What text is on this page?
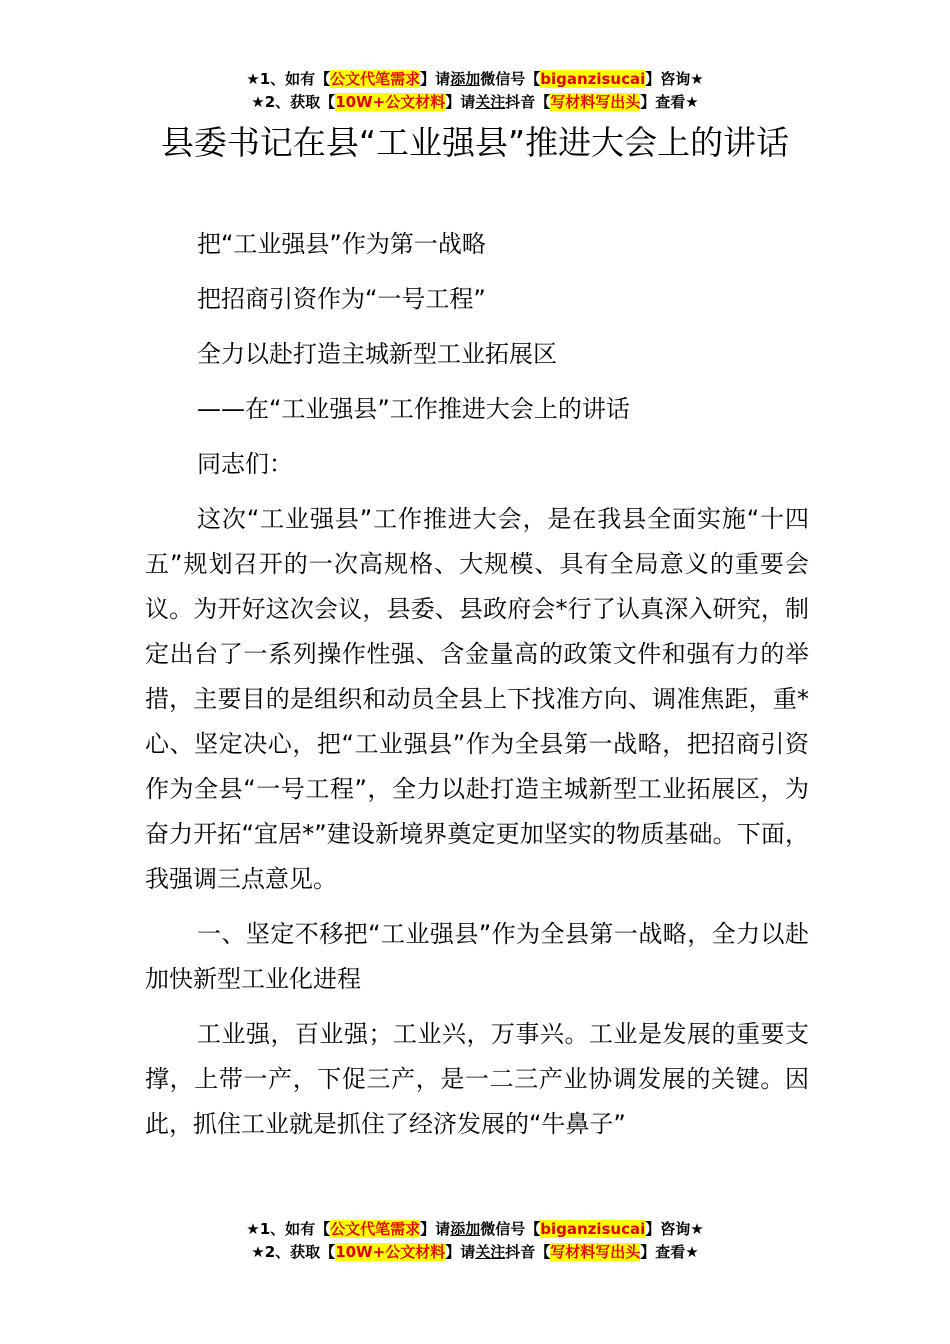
★1、如有【公文代笔需求】请添加微信号【biganzisucai】咨询★
★2、获取【10W+公文材料】请关注抖音【写材料写出头】查看★
县委书记在县“工业强县”推进大会上的讲话

把“工业强县”作为第一战略

把招商引资作为“一号工程”

全力以赴打造主城新型工业拓展区

——在“工业强县”工作推进大会上的讲话

同志们：

这次“工业强县”工作推进大会，是在我县全面实施“十四五”规划召开的一次高规格、大规模、具有全局意义的重要会议。为开好这次会议，县委、县政府会*行了认真深入研究，制定出台了一系列操作性强、含金量高的政策文件和强有力的举措，主要目的是组织和动员全县上下找准方向、调准焦距，重*心、坚定决心，把“工业强县”作为全县第一战略，把招商引资作为全县“一号工程”，全力以赴打造主城新型工业拓展区，为奋力开拓“宜居*”建设新境界奠定更加坚实的物质基础。下面，我强调三点意见。

一、坚定不移把“工业强县”作为全县第一战略，全力以赴加快新型工业化进程

工业强，百业强；工业兴，万事兴。工业是发展的重要支撑，上带一产，下促三产，是一二三产业协调发展的关键。因此，抓住工业就是抓住了经济发展的“牛鼻子”

★1、如有【公文代笔需求】请添加微信号【biganzisucai】咨询★
★2、获取【10W+公文材料】请关注抖音【写材料写出头】查看★
